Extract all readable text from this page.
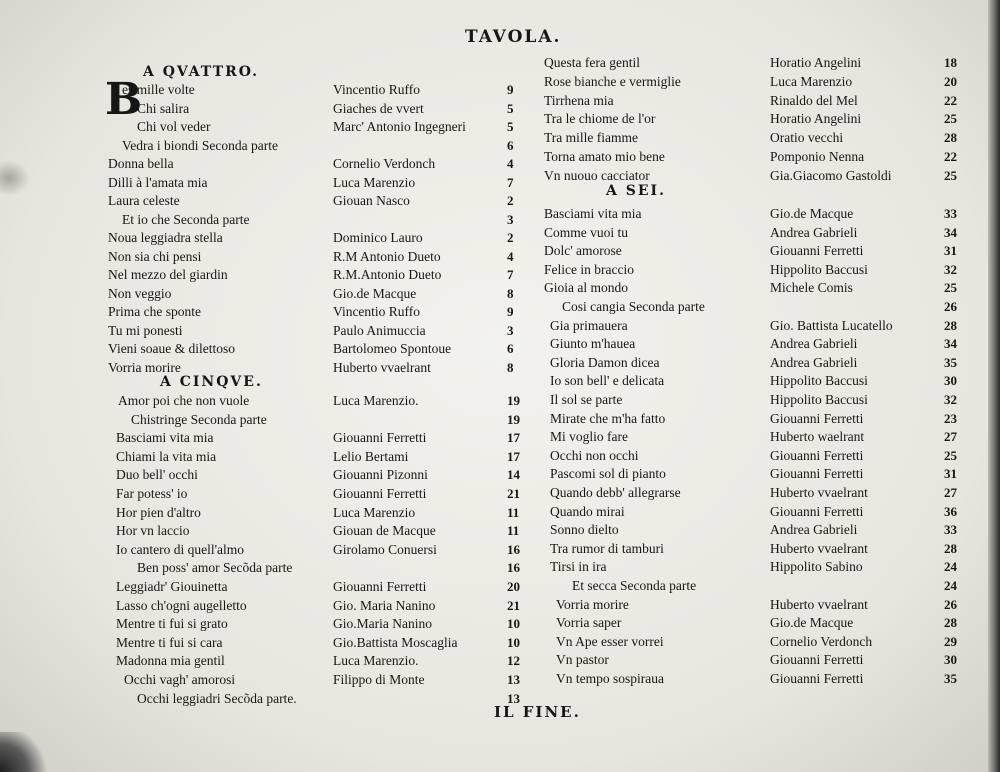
TAVOLA.
A QVATTRO.
A CINQVE.
A SEI.
B
es mille volte
Chi salira
Chi vol veder
Vedra i biondi Seconda parte
Donna bella
Dilli à l'amata mia
Laura celeste
Et io che Seconda parte
Noua leggiadra stella
Non sia chi pensi
Nel mezzo del giardin
Non veggio
Prima che sponte
Tu mi ponesti
Vieni soaue & dilettoso
Vorria morire
Amor poi che non vuole
Chistringe Seconda parte
Basciami vita mia
Chiami la vita mia
Duo bell' occhi
Far potess' io
Hor pien d'altro
Hor vn laccio
Io cantero di quell'almo
Ben poss' amor Secõda parte
Leggiadr' Giouinetta
Lasso ch'ogni augelletto
Mentre ti fui si grato
Mentre ti fui si cara
Madonna mia gentil
Occhi vagh' amorosi
Occhi leggiadri Secõda parte.
Vincentio Ruffo
Giaches de vvert
Marc' Antonio Ingegneri
Cornelio Verdonch
Luca Marenzio
Giouan Nasco
Dominico Lauro
R.M Antonio Dueto
R.M.Antonio Dueto
Gio.de Macque
Vincentio Ruffo
Paulo Animuccia
Bartolomeo Spontoue
Huberto vvaelrant
Luca Marenzio.
Giouanni Ferretti
Lelio Bertami
Giouanni Pizonni
Giouanni Ferretti
Luca Marenzio
Giouan de Macque
Girolamo Conuersi
Giouanni Ferretti
Gio. Maria Nanino
Gio.Maria Nanino
Gio.Battista Moscaglia
Luca Marenzio.
Filippo di Monte
9
5
5
6
4
7
2
3
2
4
7
8
9
3
6
8
19
19
17
17
14
21
11
11
16
16
20
21
10
10
12
13
13
Questa fera gentil
Rose bianche e vermiglie
Tirrhena mia
Tra le chiome de l'or
Tra mille fiamme
Torna amato mio bene
Vn nuouo cacciator
Basciami vita mia
Comme vuoi tu
Dolc' amorose
Felice in braccio
Gioia al mondo
Cosi cangia Seconda parte
Gia primauera
Giunto m'hauea
Gloria Damon dicea
Io son bell' e delicata
Il sol se parte
Mirate che m'ha fatto
Mi voglio fare
Occhi non occhi
Pascomi sol di pianto
Quando debb' allegrarse
Quando mirai
Sonno dielto
Tra rumor di tamburi
Tirsi in ira
Et secca Seconda parte
Vorria morire
Vorria saper
Vn Ape esser vorrei
Vn pastor
Vn tempo sospiraua
Horatio Angelini
Luca Marenzio
Rinaldo del Mel
Horatio Angelini
Oratio vecchi
Pomponio Nenna
Gia.Giacomo Gastoldi
Gio.de Macque
Andrea Gabrieli
Giouanni Ferretti
Hippolito Baccusi
Michele Comis
Gio. Battista Lucatello
Andrea Gabrieli
Andrea Gabrieli
Hippolito Baccusi
Hippolito Baccusi
Giouanni Ferretti
Huberto waelrant
Giouanni Ferretti
Giouanni Ferretti
Huberto vvaelrant
Giouanni Ferretti
Andrea Gabrieli
Huberto vvaelrant
Hippolito Sabino
Huberto vvaelrant
Gio.de Macque
Cornelio Verdonch
Giouanni Ferretti
Giouanni Ferretti
18
20
22
25
28
22
25
33
34
31
32
25
26
28
34
35
30
32
23
27
25
31
27
36
33
28
24
24
26
28
29
30
35
IL FINE.
